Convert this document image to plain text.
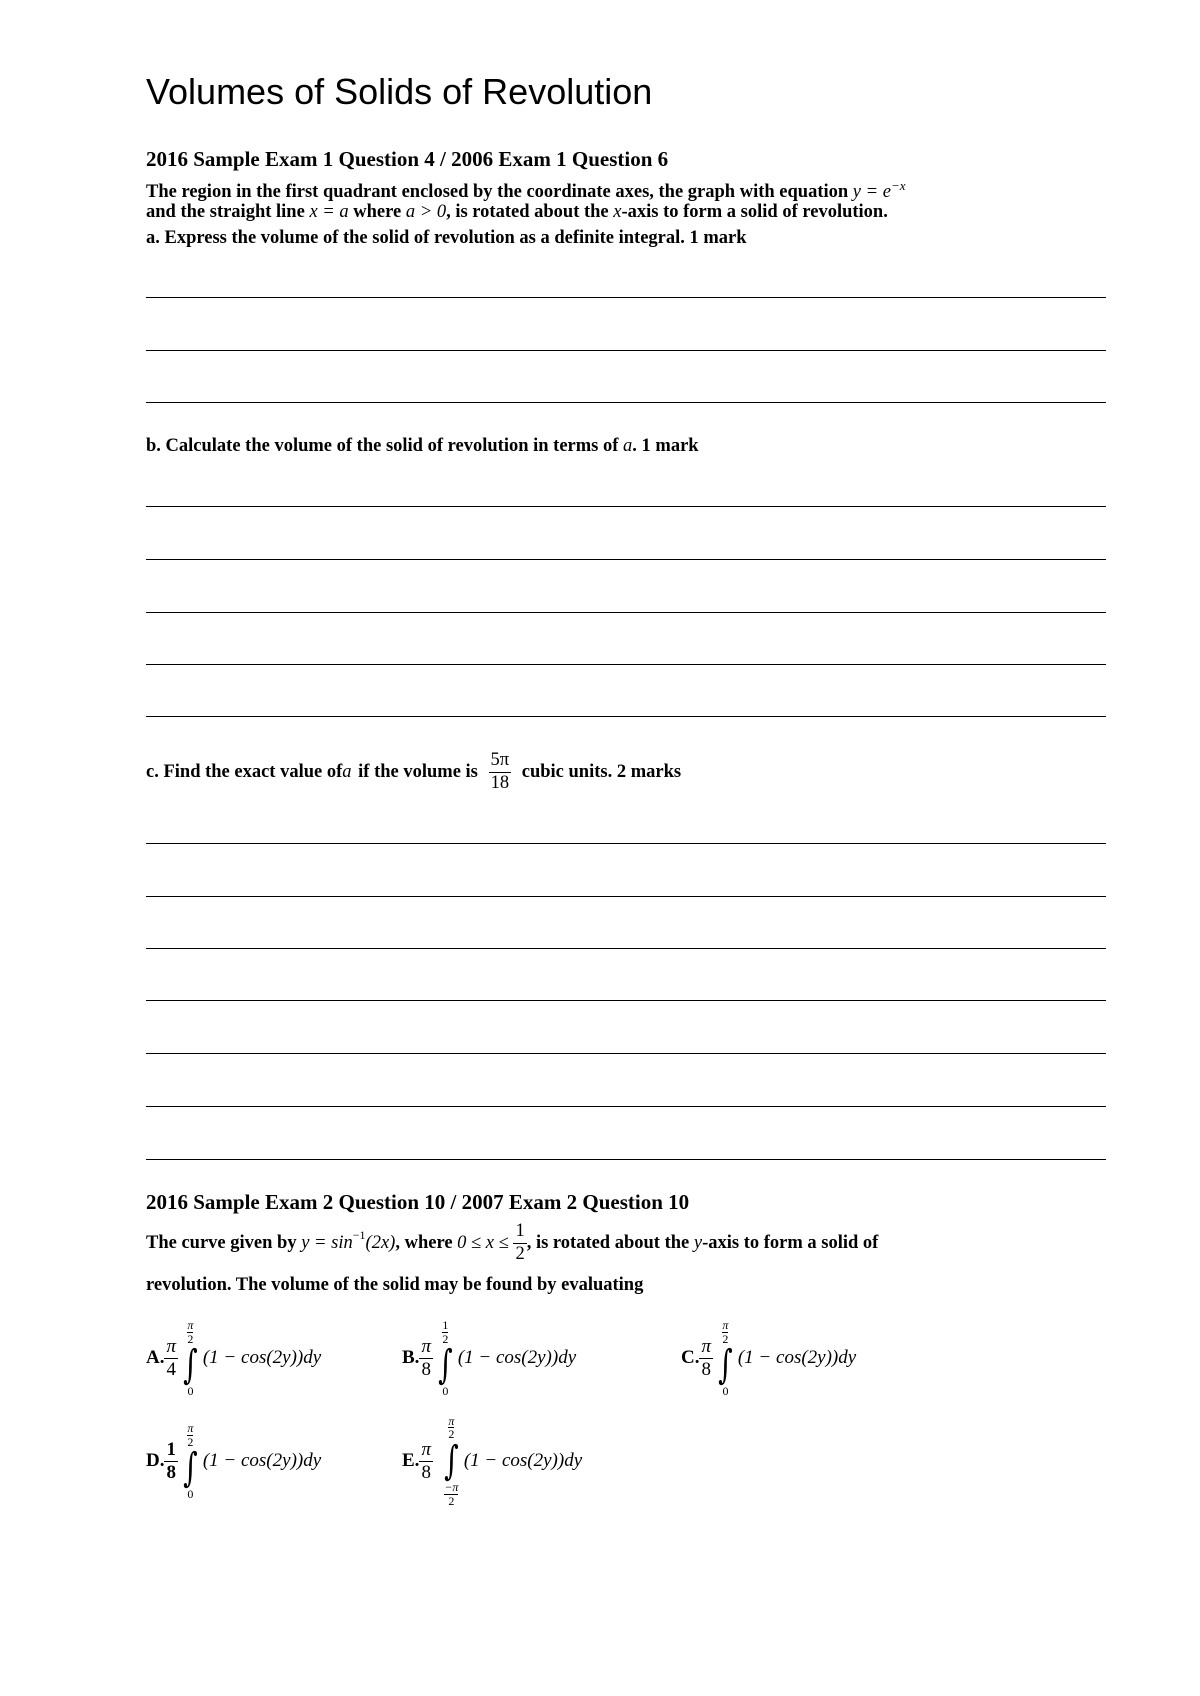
Volumes of Solids of Revolution
2016 Sample Exam 1 Question 4 / 2006 Exam 1 Question 6
The region in the first quadrant enclosed by the coordinate axes, the graph with equation $y = e^{-x}$
and the straight line x = a where a > 0, is rotated about the x-axis to form a solid of revolution.
a. Express the volume of the solid of revolution as a definite integral. 1 mark
b. Calculate the volume of the solid of revolution in terms of a. 1 mark
c. Find the exact value of a if the volume is $\frac{5\pi}{18}$ cubic units. 2 marks
2016 Sample Exam 2 Question 10 / 2007 Exam 2 Question 10
The curve given by $y = \sin^{-1} (2x)$ , where $0 \le x \le \frac{1}{2}$ , is rotated about the y -axis to form a solid of
revolution. The volume of the solid may be found by evaluating
A. $\frac{\pi}{4}$
$\frac{\pi}{2}$
∫
0
(1 − cos(2y))dy	B. $\frac{\pi}{8}$
$\frac{1}{2}$
∫
0
(1 − cos(2y))dy	C. $\frac{\pi}{8}$
$\frac{\pi}{2}$
∫
0
(1 − cos(2y))dy
D. $\frac{1}{8}$
$\frac{\pi}{2}$
∫
0
(1 − cos(2y))dy	E. $\frac{\pi}{8}$
$\frac{\pi}{2}$
∫
$\frac{-\pi}{2}$
(1 − cos(2y))dy
